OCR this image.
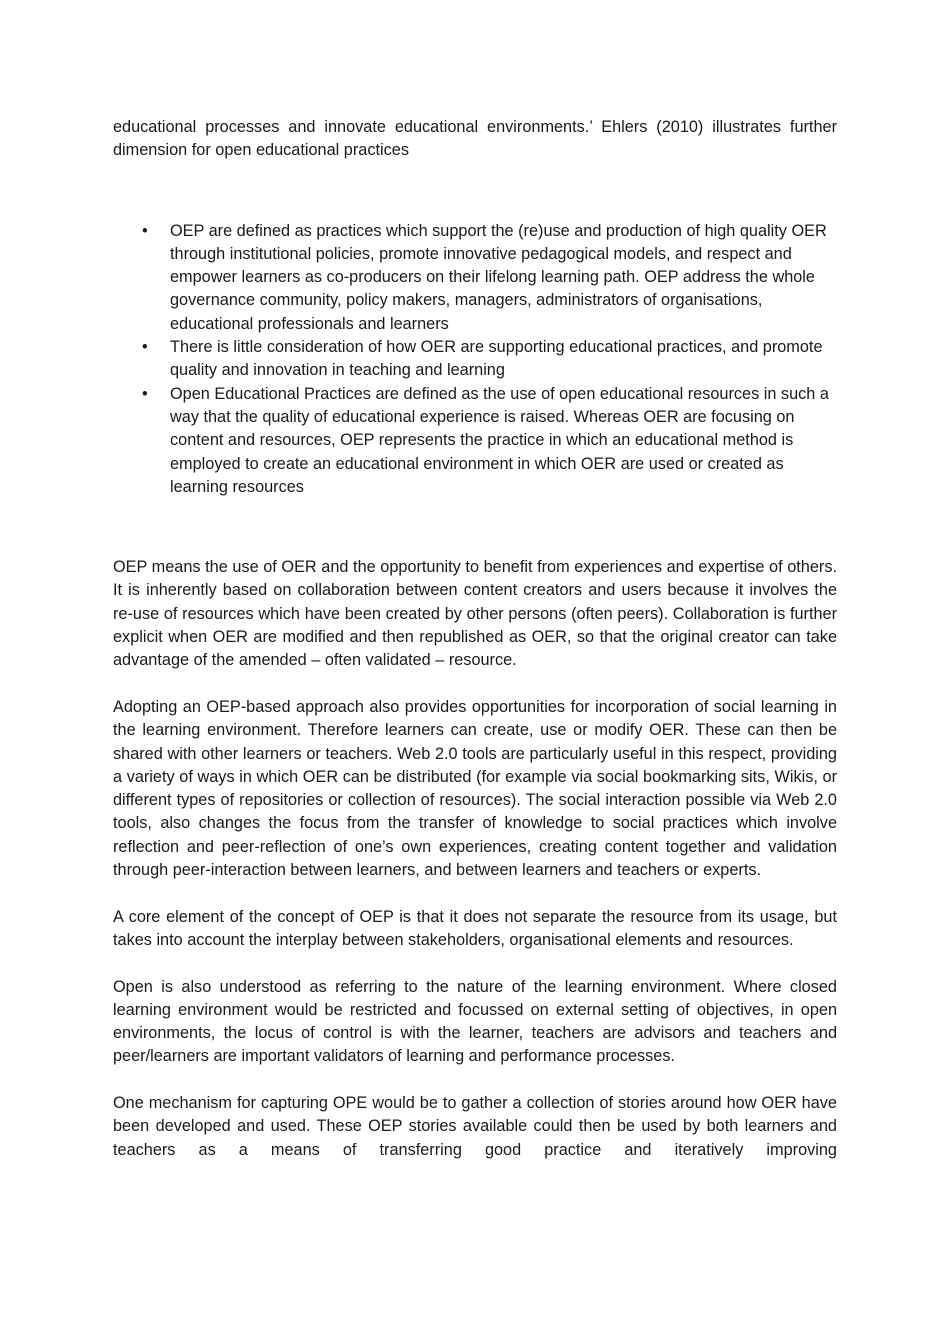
educational processes and innovate educational environments.’ Ehlers (2010) illustrates further dimension for open educational practices

• OEP are defined as practices which support the (re)use and production of high quality OER through institutional policies, promote innovative pedagogical models, and respect and empower learners as co-producers on their lifelong learning path. OEP address the whole governance community, policy makers, managers, administrators of organisations, educational professionals and learners
• There is little consideration of how OER are supporting educational practices, and promote quality and innovation in teaching and learning
• Open Educational Practices are defined as the use of open educational resources in such a way that the quality of educational experience is raised. Whereas OER are focusing on content and resources, OEP represents the practice in which an educational method is employed to create an educational environment in which OER are used or created as learning resources

OEP means the use of OER and the opportunity to benefit from experiences and expertise of others. It is inherently based on collaboration between content creators and users because it involves the re-use of resources which have been created by other persons (often peers). Collaboration is further explicit when OER are modified and then republished as OER, so that the original creator can take advantage of the amended – often validated – resource.

Adopting an OEP-based approach also provides opportunities for incorporation of social learning in the learning environment. Therefore learners can create, use or modify OER. These can then be shared with other learners or teachers. Web 2.0 tools are particularly useful in this respect, providing a variety of ways in which OER can be distributed (for example via social bookmarking sits, Wikis, or different types of repositories or collection of resources). The social interaction possible via Web 2.0 tools, also changes the focus from the transfer of knowledge to social practices which involve reflection and peer-reflection of one’s own experiences, creating content together and validation through peer-interaction between learners, and between learners and teachers or experts.

A core element of the concept of OEP is that it does not separate the resource from its usage, but takes into account the interplay between stakeholders, organisational elements and resources.

Open is also understood as referring to the nature of the learning environment. Where closed learning environment would be restricted and focussed on external setting of objectives, in open environments, the locus of control is with the learner, teachers are advisors and teachers and peer/learners are important validators of learning and performance processes.

One mechanism for capturing OPE would be to gather a collection of stories around how OER have been developed and used. These OEP stories available could then be used by both learners and teachers as a means of transferring good practice and iteratively improving
